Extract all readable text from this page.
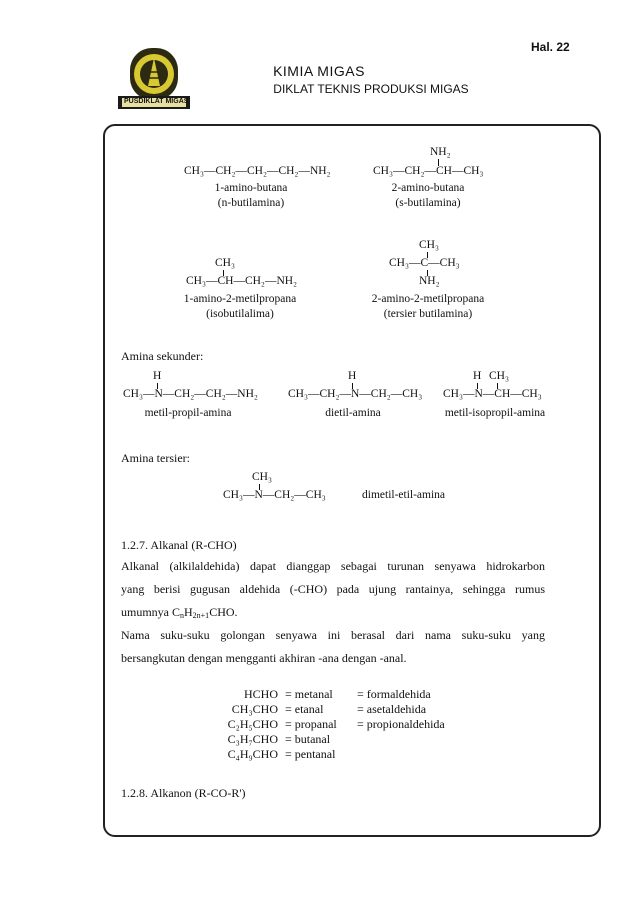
Hal. 22
PUSDIKLAT MIGAS
KIMIA MIGAS
DIKLAT TEKNIS PRODUKSI MIGAS
CH₃—CH₂—CH₂—CH₂—NH₂
1-amino-butana
(n-butilamina)
NH₂
CH₃—CH₂—CH—CH₃
2-amino-butana
(s-butilamina)
CH₃
CH₃—CH—CH₂—NH₂
1-amino-2-metilpropana
(isobutilalima)
CH₃
CH₃—C—CH₃
NH₂
2-amino-2-metilpropana
(tersier butilamina)
Amina sekunder:
H
CH₃—N—CH₂—CH₂—NH₂
metil-propil-amina
H
CH₃—CH₂—N—CH₂—CH₃
dietil-amina
H CH₃
CH₃—N—CH—CH₃
metil-isopropil-amina
Amina tersier:
CH₃
CH₃—N—CH₂—CH₃	dimetil-etil-amina
1.2.7. Alkanal (R-CHO)
Alkanal (alkilaldehida) dapat dianggap sebagai turunan senyawa hidrokarbon
yang berisi gugusan aldehida (-CHO) pada ujung rantainya, sehingga rumus
umumnya $C_nH_{2n+1}CHO$.
Nama suku-suku golongan senyawa ini berasal dari nama suku-suku yang
bersangkutan dengan mengganti akhiran -ana dengan -anal.
HCHO = metanal = formaldehida
CH₃CHO = etanal	= asetaldehida
C₂H₅CHO = propanal = propionaldehida
C₃H₇CHO = butanal
C₄H₉CHO = pentanal
1.2.8. Alkanon (R-CO-R')
